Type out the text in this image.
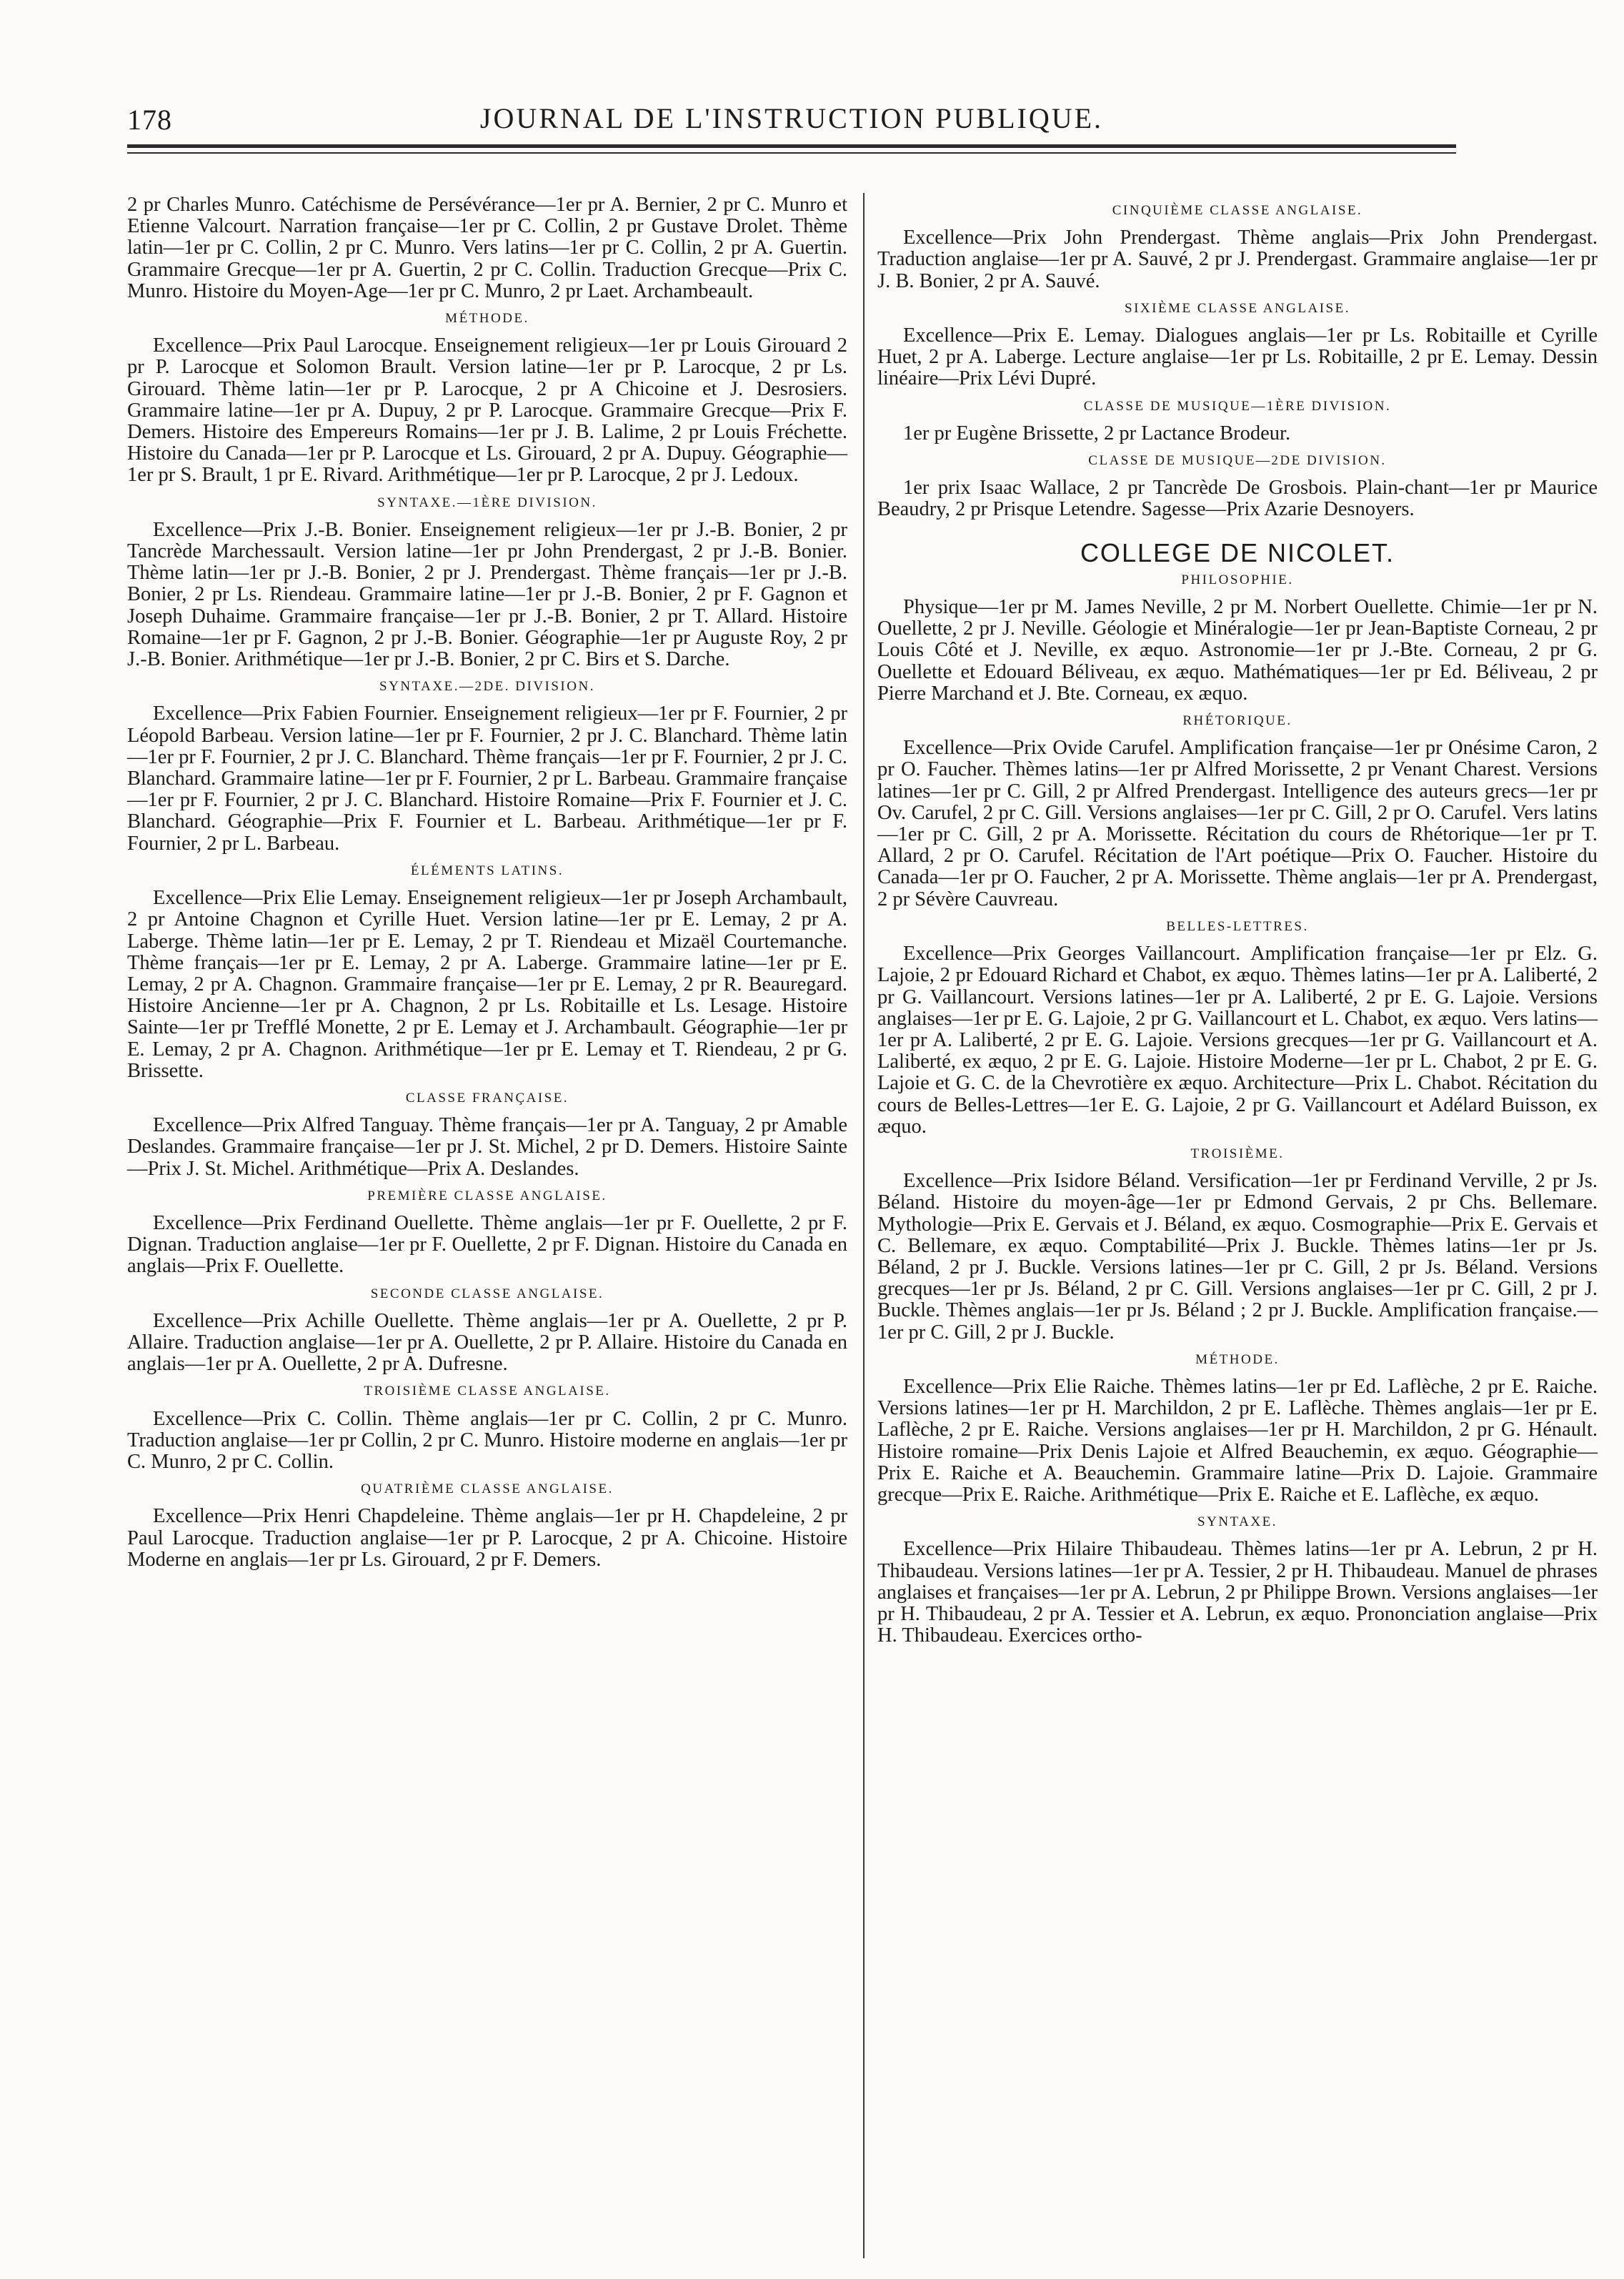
178	JOURNAL DE L'INSTRUCTION PUBLIQUE.

2 pr Charles Munro. Catéchisme de Persévérance—1er pr A. Bernier, 2 pr C. Munro et Etienne Valcourt. Narration française—1er pr C. Collin, 2 pr Gustave Drolet. Thème latin—1er pr C. Collin, 2 pr C. Munro. Vers latins—1er pr C. Collin, 2 pr A. Guertin. Grammaire Grecque—1er pr A. Guertin, 2 pr C. Collin. Traduction Grecque—Prix C. Munro. Histoire du Moyen-Age—1er pr C. Munro, 2 pr Laet. Archambeault.

MÉTHODE.

Excellence—Prix Paul Larocque. Enseignement religieux—1er pr Louis Girouard 2 pr P. Larocque et Solomon Brault. Version latine—1er pr P. Larocque, 2 pr Ls. Girouard. Thème latin—1er pr P. Larocque, 2 pr A Chicoine et J. Desrosiers. Grammaire latine—1er pr A. Dupuy, 2 pr P. Larocque. Grammaire Grecque—Prix F. Demers. Histoire des Empereurs Romains—1er pr J. B. Lalime, 2 pr Louis Fréchette. Histoire du Canada—1er pr P. Larocque et Ls. Girouard, 2 pr A. Dupuy. Géographie—1er pr S. Brault, 1 pr E. Rivard. Arithmétique—1er pr P. Larocque, 2 pr J. Ledoux.

SYNTAXE.—1ÈRE DIVISION.

Excellence—Prix J.-B. Bonier. Enseignement religieux—1er pr J.-B. Bonier, 2 pr Tancrède Marchessault. Version latine—1er pr John Prendergast, 2 pr J.-B. Bonier. Thème latin—1er pr J.-B. Bonier, 2 pr J. Prendergast. Thème français—1er pr J.-B. Bonier, 2 pr Ls. Riendeau. Grammaire latine—1er pr J.-B. Bonier, 2 pr F. Gagnon et Joseph Duhaime. Grammaire française—1er pr J.-B. Bonier, 2 pr T. Allard. Histoire Romaine—1er pr F. Gagnon, 2 pr J.-B. Bonier. Géographie—1er pr Auguste Roy, 2 pr J.-B. Bonier. Arithmétique—1er pr J.-B. Bonier, 2 pr C. Birs et S. Darche.

SYNTAXE.—2DE. DIVISION.

Excellence—Prix Fabien Fournier. Enseignement religieux—1er pr F. Fournier, 2 pr Léopold Barbeau. Version latine—1er pr F. Fournier, 2 pr J. C. Blanchard. Thème latin—1er pr F. Fournier, 2 pr J. C. Blanchard. Thème français—1er pr F. Fournier, 2 pr J. C. Blanchard. Grammaire latine—1er pr F. Fournier, 2 pr L. Barbeau. Grammaire française—1er pr F. Fournier, 2 pr J. C. Blanchard. Histoire Romaine—Prix F. Fournier et J. C. Blanchard. Géographie—Prix F. Fournier et L. Barbeau. Arithmétique—1er pr F. Fournier, 2 pr L. Barbeau.

ÉLÉMENTS LATINS.

Excellence—Prix Elie Lemay. Enseignement religieux—1er pr Joseph Archambault, 2 pr Antoine Chagnon et Cyrille Huet. Version latine—1er pr E. Lemay, 2 pr A. Laberge. Thème latin—1er pr E. Lemay, 2 pr T. Riendeau et Mizaël Courtemanche. Thème français—1er pr E. Lemay, 2 pr A. Laberge. Grammaire latine—1er pr E. Lemay, 2 pr A. Chagnon. Grammaire française—1er pr E. Lemay, 2 pr R. Beauregard. Histoire Ancienne—1er pr A. Chagnon, 2 pr Ls. Robitaille et Ls. Lesage. Histoire Sainte—1er pr Trefflé Monette, 2 pr E. Lemay et J. Archambault. Géographie—1er pr E. Lemay, 2 pr A. Chagnon. Arithmétique—1er pr E. Lemay et T. Riendeau, 2 pr G. Brissette.

CLASSE FRANÇAISE.

Excellence—Prix Alfred Tanguay. Thème français—1er pr A. Tanguay, 2 pr Amable Deslandes. Grammaire française—1er pr J. St. Michel, 2 pr D. Demers. Histoire Sainte—Prix J. St. Michel. Arithmétique—Prix A. Deslandes.

PREMIÈRE CLASSE ANGLAISE.

Excellence—Prix Ferdinand Ouellette. Thème anglais—1er pr F. Ouellette, 2 pr F. Dignan. Traduction anglaise—1er pr F. Ouellette, 2 pr F. Dignan. Histoire du Canada en anglais—Prix F. Ouellette.

SECONDE CLASSE ANGLAISE.

Excellence—Prix Achille Ouellette. Thème anglais—1er pr A. Ouellette, 2 pr P. Allaire. Traduction anglaise—1er pr A. Ouellette, 2 pr P. Allaire. Histoire du Canada en anglais—1er pr A. Ouellette, 2 pr A. Dufresne.

TROISIÈME CLASSE ANGLAISE.

Excellence—Prix C. Collin. Thème anglais—1er pr C. Collin, 2 pr C. Munro. Traduction anglaise—1er pr Collin, 2 pr C. Munro. Histoire moderne en anglais—1er pr C. Munro, 2 pr C. Collin.

QUATRIÈME CLASSE ANGLAISE.

Excellence—Prix Henri Chapdeleine. Thème anglais—1er pr H. Chapdeleine, 2 pr Paul Larocque. Traduction anglaise—1er pr P. Larocque, 2 pr A. Chicoine. Histoire Moderne en anglais—1er pr Ls. Girouard, 2 pr F. Demers.

CINQUIÈME CLASSE ANGLAISE.

Excellence—Prix John Prendergast. Thème anglais—Prix John Prendergast. Traduction anglaise—1er pr A. Sauvé, 2 pr J. Prendergast. Grammaire anglaise—1er pr J. B. Bonier, 2 pr A. Sauvé.

SIXIÈME CLASSE ANGLAISE.

Excellence—Prix E. Lemay. Dialogues anglais—1er pr Ls. Robitaille et Cyrille Huet, 2 pr A. Laberge. Lecture anglaise—1er pr Ls. Robitaille, 2 pr E. Lemay. Dessin linéaire—Prix Lévi Dupré.

CLASSE DE MUSIQUE—1ÈRE DIVISION.

1er pr Eugène Brissette, 2 pr Lactance Brodeur.

CLASSE DE MUSIQUE—2DE DIVISION.

1er prix Isaac Wallace, 2 pr Tancrède De Grosbois. Plain-chant—1er pr Maurice Beaudry, 2 pr Prisque Letendre. Sagesse—Prix Azarie Desnoyers.

COLLEGE DE NICOLET.
PHILOSOPHIE.

Physique—1er pr M. James Neville, 2 pr M. Norbert Ouellette. Chimie—1er pr N. Ouellette, 2 pr J. Neville. Géologie et Minéralogie—1er pr Jean-Baptiste Corneau, 2 pr Louis Côté et J. Neville, ex æquo. Astronomie—1er pr J.-Bte. Corneau, 2 pr G. Ouellette et Edouard Béliveau, ex æquo. Mathématiques—1er pr Ed. Béliveau, 2 pr Pierre Marchand et J. Bte. Corneau, ex æquo.

RHÉTORIQUE.

Excellence—Prix Ovide Carufel. Amplification française—1er pr Onésime Caron, 2 pr O. Faucher. Thèmes latins—1er pr Alfred Morissette, 2 pr Venant Charest. Versions latines—1er pr C. Gill, 2 pr Alfred Prendergast. Intelligence des auteurs grecs—1er pr Ov. Carufel, 2 pr C. Gill. Versions anglaises—1er pr C. Gill, 2 pr O. Carufel. Vers latins—1er pr C. Gill, 2 pr A. Morissette. Récitation du cours de Rhétorique—1er pr T. Allard, 2 pr O. Carufel. Récitation de l'Art poétique—Prix O. Faucher. Histoire du Canada—1er pr O. Faucher, 2 pr A. Morissette. Thème anglais—1er pr A. Prendergast, 2 pr Sévère Cauvreau.

BELLES-LETTRES.

Excellence—Prix Georges Vaillancourt. Amplification française—1er pr Elz. G. Lajoie, 2 pr Edouard Richard et Chabot, ex æquo. Thèmes latins—1er pr A. Laliberté, 2 pr G. Vaillancourt. Versions latines—1er pr A. Laliberté, 2 pr E. G. Lajoie. Versions anglaises—1er pr E. G. Lajoie, 2 pr G. Vaillancourt et L. Chabot, ex æquo. Vers latins—1er pr A. Laliberté, 2 pr E. G. Lajoie. Versions grecques—1er pr G. Vaillancourt et A. Laliberté, ex æquo, 2 pr E. G. Lajoie. Histoire Moderne—1er pr L. Chabot, 2 pr E. G. Lajoie et G. C. de la Chevrotière ex æquo. Architecture—Prix L. Chabot. Récitation du cours de Belles-Lettres—1er E. G. Lajoie, 2 pr G. Vaillancourt et Adélard Buisson, ex æquo.

TROISIÈME.

Excellence—Prix Isidore Béland. Versification—1er pr Ferdinand Verville, 2 pr Js. Béland. Histoire du moyen-âge—1er pr Edmond Gervais, 2 pr Chs. Bellemare. Mythologie—Prix E. Gervais et J. Béland, ex æquo. Cosmographie—Prix E. Gervais et C. Bellemare, ex æquo. Comptabilité—Prix J. Buckle. Thèmes latins—1er pr Js. Béland, 2 pr J. Buckle. Versions latines—1er pr C. Gill, 2 pr Js. Béland. Versions grecques—1er pr Js. Béland, 2 pr C. Gill. Versions anglaises—1er pr C. Gill, 2 pr J. Buckle. Thèmes anglais—1er pr Js. Béland ; 2 pr J. Buckle. Amplification française.—1er pr C. Gill, 2 pr J. Buckle.

MÉTHODE.

Excellence—Prix Elie Raiche. Thèmes latins—1er pr Ed. Laflèche, 2 pr E. Raiche. Versions latines—1er pr H. Marchildon, 2 pr E. Laflèche. Thèmes anglais—1er pr E. Laflèche, 2 pr E. Raiche. Versions anglaises—1er pr H. Marchildon, 2 pr G. Hénault. Histoire romaine—Prix Denis Lajoie et Alfred Beauchemin, ex æquo. Géographie—Prix E. Raiche et A. Beauchemin. Grammaire latine—Prix D. Lajoie. Grammaire grecque—Prix E. Raiche. Arithmétique—Prix E. Raiche et E. Laflèche, ex æquo.

SYNTAXE.

Excellence—Prix Hilaire Thibaudeau. Thèmes latins—1er pr A. Lebrun, 2 pr H. Thibaudeau. Versions latines—1er pr A. Tessier, 2 pr H. Thibaudeau. Manuel de phrases anglaises et françaises—1er pr A. Lebrun, 2 pr Philippe Brown. Versions anglaises—1er pr H. Thibaudeau, 2 pr A. Tessier et A. Lebrun, ex æquo. Prononciation anglaise—Prix H. Thibaudeau. Exercices ortho-
